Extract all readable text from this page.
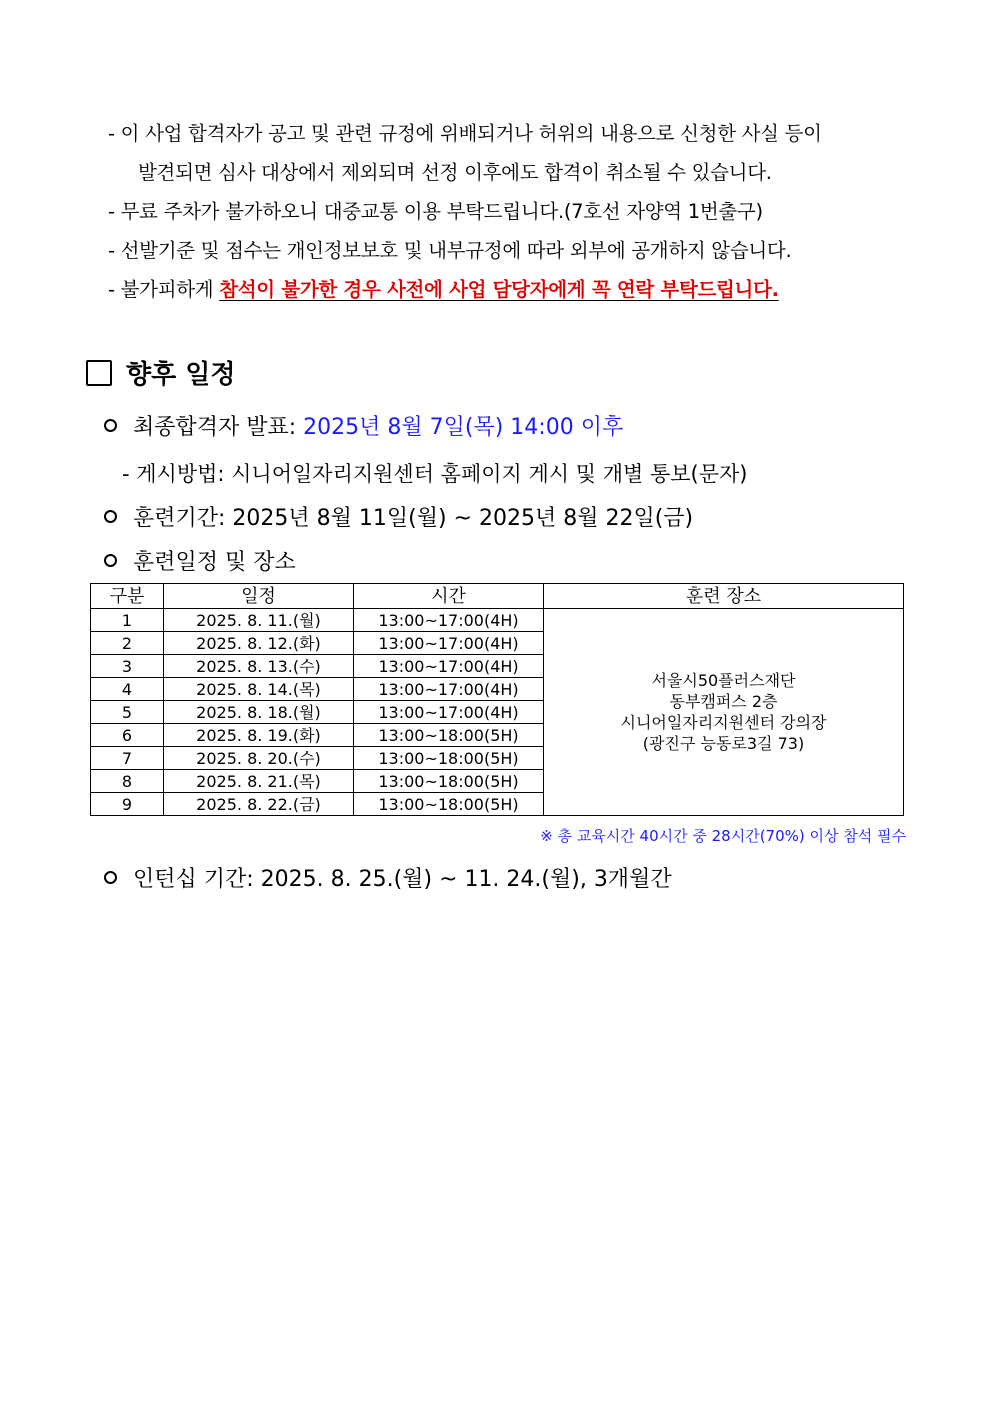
- 이 사업 합격자가 공고 및 관련 규정에 위배되거나 허위의 내용으로 신청한 사실 등이
발견되면 심사 대상에서 제외되며 선정 이후에도 합격이 취소될 수 있습니다.
- 무료 주차가 불가하오니 대중교통 이용 부탁드립니다.(7호선 자양역 1번출구)
- 선발기준 및 점수는 개인정보보호 및 내부규정에 따라 외부에 공개하지 않습니다.
- 불가피하게 참석이 불가한 경우 사전에 사업 담당자에게 꼭 연락 부탁드립니다.
향후 일정
최종합격자 발표: 2025년 8월 7일(목) 14:00 이후
- 게시방법: 시니어일자리지원센터 홈페이지 게시 및 개별 통보(문자)
훈련기간: 2025년 8월 11일(월) ~ 2025년 8월 22일(금)
훈련일정 및 장소
구분	일정	시간	훈련 장소
1	2025. 8. 11.(월)	13:00~17:00(4H)	서울시50플러스재단
동부캠퍼스 2층
시니어일자리지원센터 강의장
(광진구 능동로3길 73)

2	2025. 8. 12.(화)	13:00~17:00(4H)	
3	2025. 8. 13.(수)	13:00~17:00(4H)	
4	2025. 8. 14.(목)	13:00~17:00(4H)	
5	2025. 8. 18.(월)	13:00~17:00(4H)	
6	2025. 8. 19.(화)	13:00~18:00(5H)	
7	2025. 8. 20.(수)	13:00~18:00(5H)	
8	2025. 8. 21.(목)	13:00~18:00(5H)	
9	2025. 8. 22.(금)	13:00~18:00(5H)	
※ 총 교육시간 40시간 중 28시간(70%) 이상 참석 필수
인턴십 기간: 2025. 8. 25.(월) ~ 11. 24.(월), 3개월간
